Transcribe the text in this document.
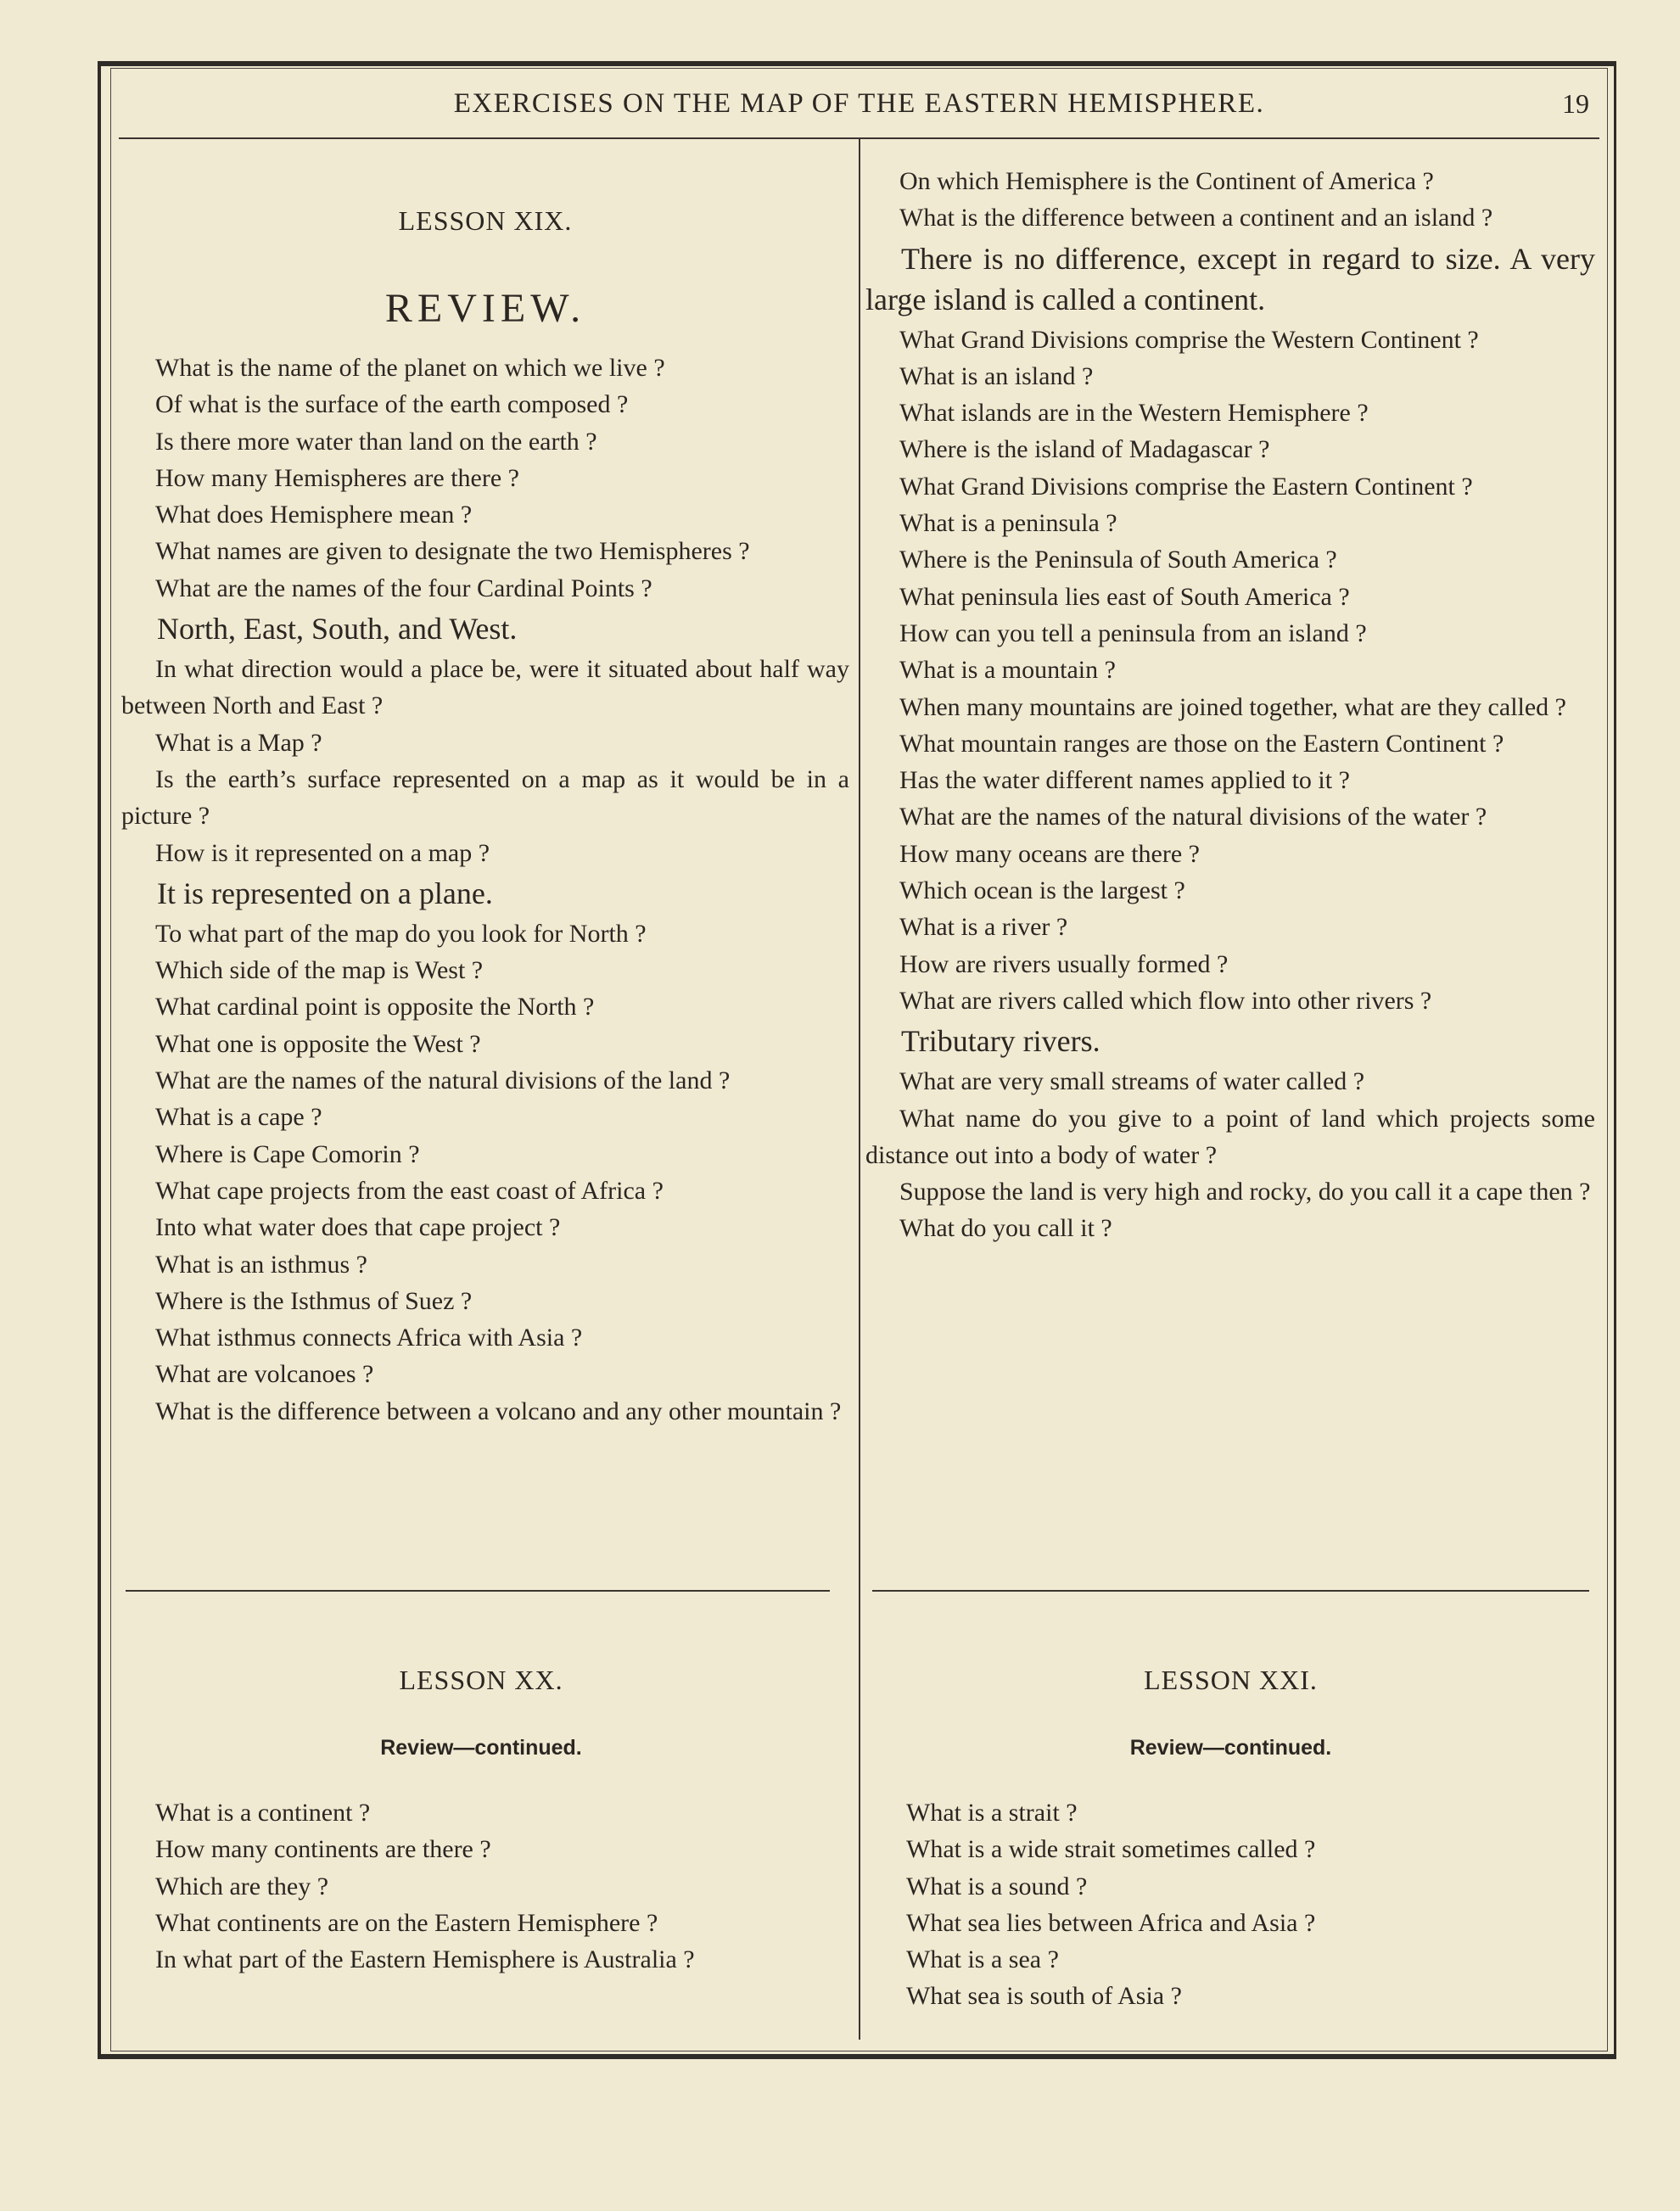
EXERCISES ON THE MAP OF THE EASTERN HEMISPHERE.	19
LESSON XIX.
REVIEW.

What is the name of the planet on which we live ?

Of what is the surface of the earth composed ?

Is there more water than land on the earth ?

How many Hemispheres are there ?

What does Hemisphere mean ?

What names are given to designate the two Hemispheres ?

What are the names of the four Cardinal Points ?

North, East, South, and West.

In what direction would a place be, were it situated about half way between North and East ?

What is a Map ?

Is the earth’s surface represented on a map as it would be in a picture ?

How is it represented on a map ?

It is represented on a plane.

To what part of the map do you look for North ?

Which side of the map is West ?

What cardinal point is opposite the North ?

What one is opposite the West ?

What are the names of the natural divisions of the land ?

What is a cape ?

Where is Cape Comorin ?

What cape projects from the east coast of Africa ?

Into what water does that cape project ?

What is an isthmus ?

Where is the Isthmus of Suez ?

What isthmus connects Africa with Asia ?

What are volcanoes ?

What is the difference between a volcano and any other mountain ?

On which Hemisphere is the Continent of America ?

What is the difference between a continent and an island ?

There is no difference, except in regard to size. A very large island is called a continent.

What Grand Divisions comprise the Western Continent ?

What is an island ?

What islands are in the Western Hemisphere ?

Where is the island of Madagascar ?

What Grand Divisions comprise the Eastern Continent ?

What is a peninsula ?

Where is the Peninsula of South America ?

What peninsula lies east of South America ?

How can you tell a peninsula from an island ?

What is a mountain ?

When many mountains are joined together, what are they called ?

What mountain ranges are those on the Eastern Continent ?

Has the water different names applied to it ?

What are the names of the natural divisions of the water ?

How many oceans are there ?

Which ocean is the largest ?

What is a river ?

How are rivers usually formed ?

What are rivers called which flow into other rivers ?

Tributary rivers.

What are very small streams of water called ?

What name do you give to a point of land which projects some distance out into a body of water ?

Suppose the land is very high and rocky, do you call it a cape then ?

What do you call it ?

LESSON XX.
Review—continued.

What is a continent ?

How many continents are there ?

Which are they ?

What continents are on the Eastern Hemisphere ?

In what part of the Eastern Hemisphere is Australia ?

LESSON XXI.
Review—continued.

What is a strait ?

What is a wide strait sometimes called ?

What is a sound ?

What sea lies between Africa and Asia ?

What is a sea ?

What sea is south of Asia ?
